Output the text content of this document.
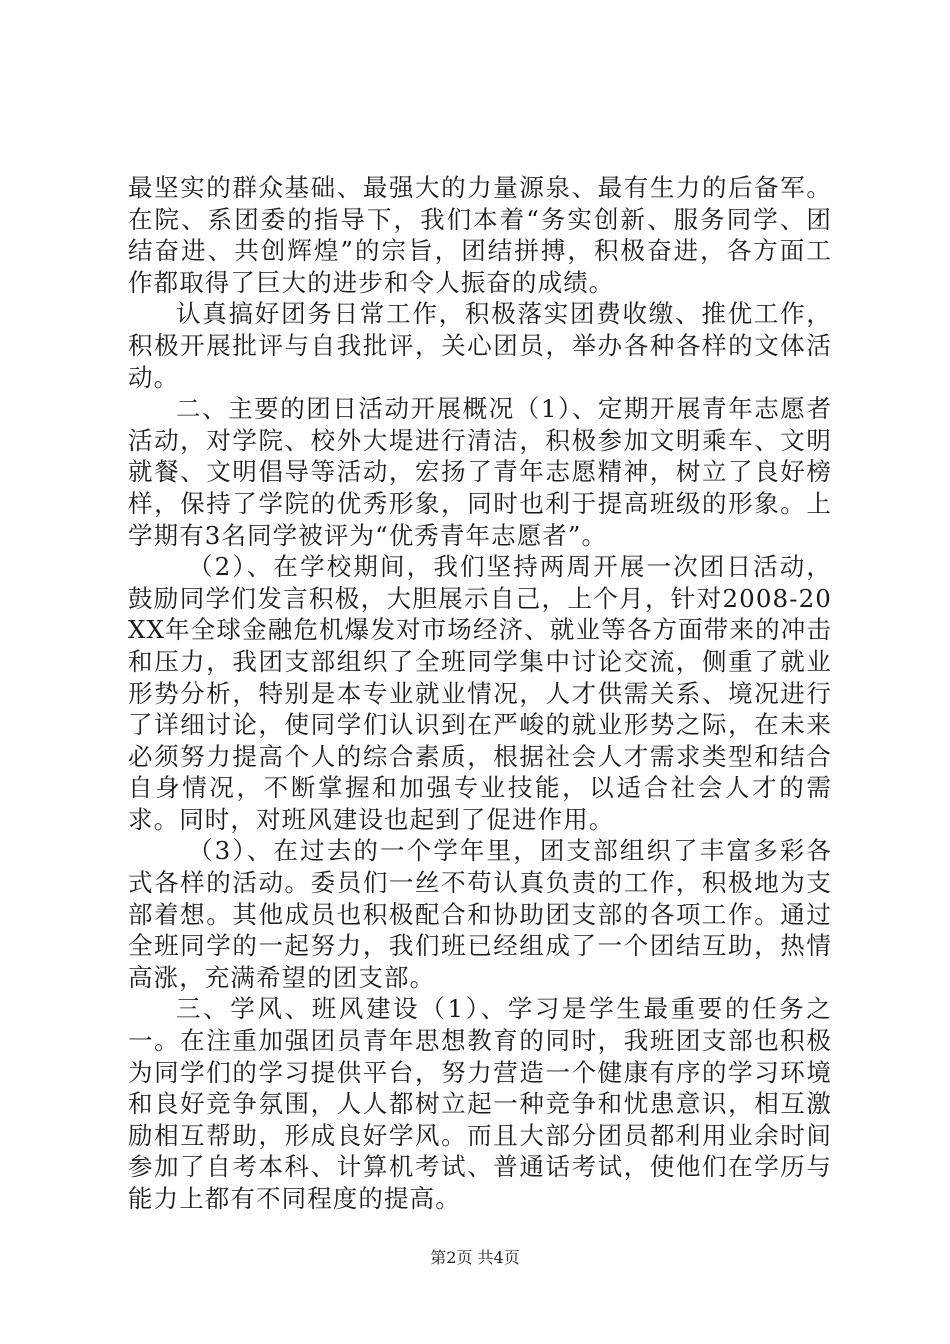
最坚实的群众基础、最强大的力量源泉、最有生力的后备军。在院、系团委的指导下，我们本着“务实创新、服务同学、团结奋进、共创辉煌”的宗旨，团结拼搏，积极奋进，各方面工作都取得了巨大的进步和令人振奋的成绩。

认真搞好团务日常工作，积极落实团费收缴、推优工作，积极开展批评与自我批评，关心团员，举办各种各样的文体活动。

二、主要的团日活动开展概况（1）、定期开展青年志愿者活动，对学院、校外大堤进行清洁，积极参加文明乘车、文明就餐、文明倡导等活动，宏扬了青年志愿精神，树立了良好榜样，保持了学院的优秀形象，同时也利于提高班级的形象。上学期有3名同学被评为“优秀青年志愿者”。

（2）、在学校期间，我们坚持两周开展一次团日活动，鼓励同学们发言积极，大胆展示自己，上个月，针对2008-20XX年全球金融危机爆发对市场经济、就业等各方面带来的冲击和压力，我团支部组织了全班同学集中讨论交流，侧重了就业形势分析，特别是本专业就业情况，人才供需关系、境况进行了详细讨论，使同学们认识到在严峻的就业形势之际，在未来必须努力提高个人的综合素质，根据社会人才需求类型和结合自身情况，不断掌握和加强专业技能，以适合社会人才的需求。同时，对班风建设也起到了促进作用。

（3）、在过去的一个学年里，团支部组织了丰富多彩各式各样的活动。委员们一丝不苟认真负责的工作，积极地为支部着想。其他成员也积极配合和协助团支部的各项工作。通过全班同学的一起努力，我们班已经组成了一个团结互助，热情高涨，充满希望的团支部。

三、学风、班风建设（1）、学习是学生最重要的任务之一。在注重加强团员青年思想教育的同时，我班团支部也积极为同学们的学习提供平台，努力营造一个健康有序的学习环境和良好竞争氛围，人人都树立起一种竞争和忧患意识，相互激励相互帮助，形成良好学风。而且大部分团员都利用业余时间参加了自考本科、计算机考试、普通话考试，使他们在学历与能力上都有不同程度的提高。

第2页 共4页
